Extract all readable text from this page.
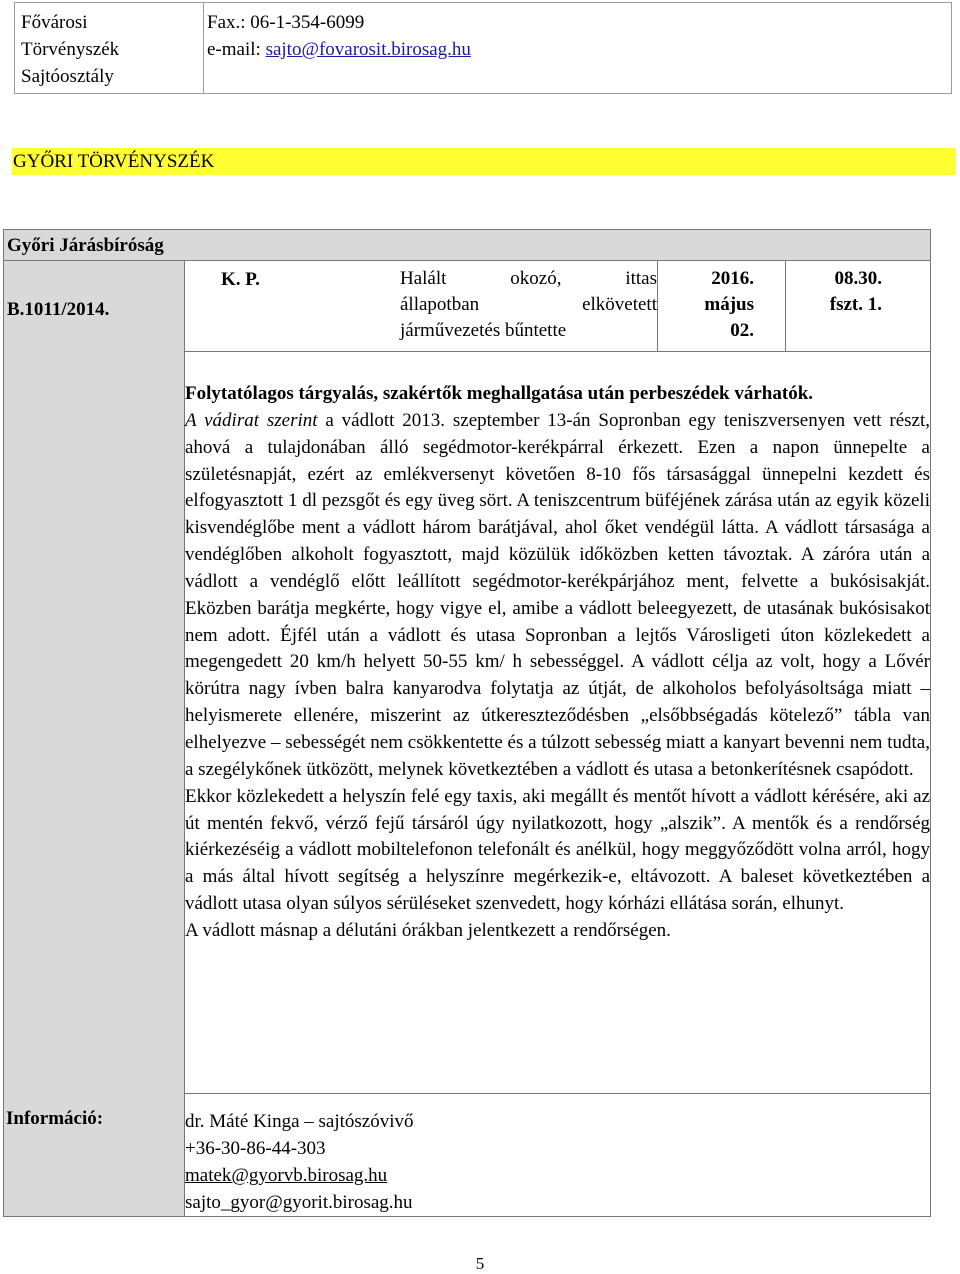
Fővárosi
Törvényszék
Sajtóosztály
Fax.: 06-1-354-6099
e-mail: sajto@fovarosit.birosag.hu
GYŐRI TÖRVÉNYSZÉK
Győri Járásbíróság
B.1011/2014.
K. P.	Halált okozó, ittas
állapotban elkövetett
járművezetés bűntette
2016.
május
02.
08.30.
fszt. 1.

Folytatólagos tárgyalás, szakértők meghallgatása után perbeszédek várhatók.

A vádirat szerint a vádlott 2013. szeptember 13-án Sopronban egy teniszversenyen vett részt, ahová a tulajdonában álló segédmotor-kerékpárral érkezett. Ezen a napon ünnepelte a születésnapját, ezért az emlékversenyt követően 8-10 fős társasággal ünnepelni kezdett és elfogyasztott 1 dl pezsgőt és egy üveg sört. A teniszcentrum büféjének zárása után az egyik közeli kisvendéglőbe ment a vádlott három barátjával, ahol őket vendégül látta. A vádlott társasága a vendéglőben alkoholt fogyasztott, majd közülük időközben ketten távoztak. A záróra után a vádlott a vendéglő előtt leállított segédmotor-kerékpárjához ment, felvette a bukósisakját. Eközben barátja megkérte, hogy vigye el, amibe a vádlott beleegyezett, de utasának bukósisakot nem adott. Éjfél után a vádlott és utasa Sopronban a lejtős Városligeti úton közlekedett a megengedett 20 km/h helyett 50-55 km/ h sebességgel. A vádlott célja az volt, hogy a Lővér körútra nagy ívben balra kanyarodva folytatja az útját, de alkoholos befolyásoltsága miatt – helyismerete ellenére, miszerint az útkereszteződésben „elsőbbségadás kötelező” tábla van elhelyezve – sebességét nem csökkentette és a túlzott sebesség miatt a kanyart bevenni nem tudta, a szegélykőnek ütközött, melynek következtében a vádlott és utasa a betonkerítésnek csapódott.

Ekkor közlekedett a helyszín felé egy taxis, aki megállt és mentőt hívott a vádlott kérésére, aki az út mentén fekvő, vérző fejű társáról úgy nyilatkozott, hogy „alszik”. A mentők és a rendőrség kiérkezéséig a vádlott mobiltelefonon telefonált és anélkül, hogy meggyőződött volna arról, hogy a más által hívott segítség a helyszínre megérkezik-e, eltávozott. A baleset következtében a vádlott utasa olyan súlyos sérüléseket szenvedett, hogy kórházi ellátása során, elhunyt.

A vádlott másnap a délutáni órákban jelentkezett a rendőrségen.

Információ:	dr. Máté Kinga – sajtószóvivő
+36-30-86-44-303
matek@gyorvb.birosag.hu
sajto_gyor@gyorit.birosag.hu
5
